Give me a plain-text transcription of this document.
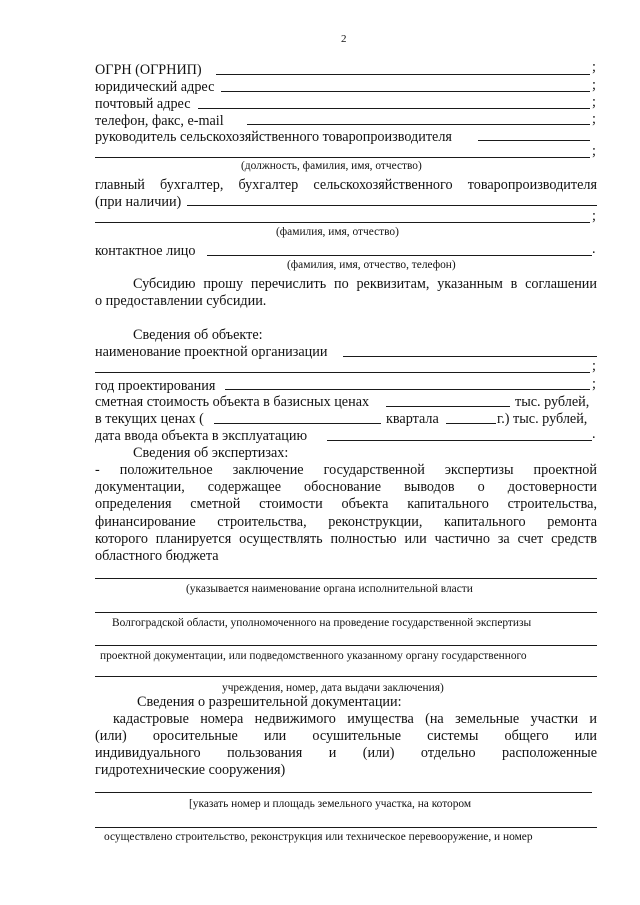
2
ОГРН (ОГРНИП)	;
юридический адрес	;
почтовый адрес	;
телефон, факс, e-mail	;
руководитель сельскохозяйственного товаропроизводителя
;
(должность, фамилия, имя, отчество)
главный бухгалтер, бухгалтер сельскохозяйственного товаропроизводителя
(при наличии)
;
(фамилия, имя, отчество)
контактное лицо	.
(фамилия, имя, отчество, телефон)
Субсидию прошу перечислить по реквизитам, указанным в соглашении
о предоставлении субсидии.
Сведения об объекте:
наименование проектной организации
;
год проектирования	;
сметная стоимость объекта в базисных ценах	тыс. рублей,
в текущих ценах (	квартала	г.) тыс. рублей,
дата ввода объекта в эксплуатацию	.
Сведения об экспертизах:
- положительное заключение государственной экспертизы проектной
документации, содержащее обоснование выводов о достоверности
определения сметной стоимости объекта капитального строительства,
финансирование строительства, реконструкции, капитального ремонта
которого планируется осуществлять полностью или частично за счет средств
областного бюджета
(указывается наименование органа исполнительной власти
Волгоградской области, уполномоченного на проведение государственной экспертизы
проектной документации, или подведомственного указанному органу государственного
учреждения, номер, дата выдачи заключения)
Сведения о разрешительной документации:
кадастровые номера недвижимого имущества (на земельные участки и
(или) оросительные или осушительные системы общего или
индивидуального пользования и (или) отдельно расположенные
гидротехнические сооружения)
[указать номер и площадь земельного участка, на котором
осуществлено строительство, реконструкция или техническое перевооружение, и номер
